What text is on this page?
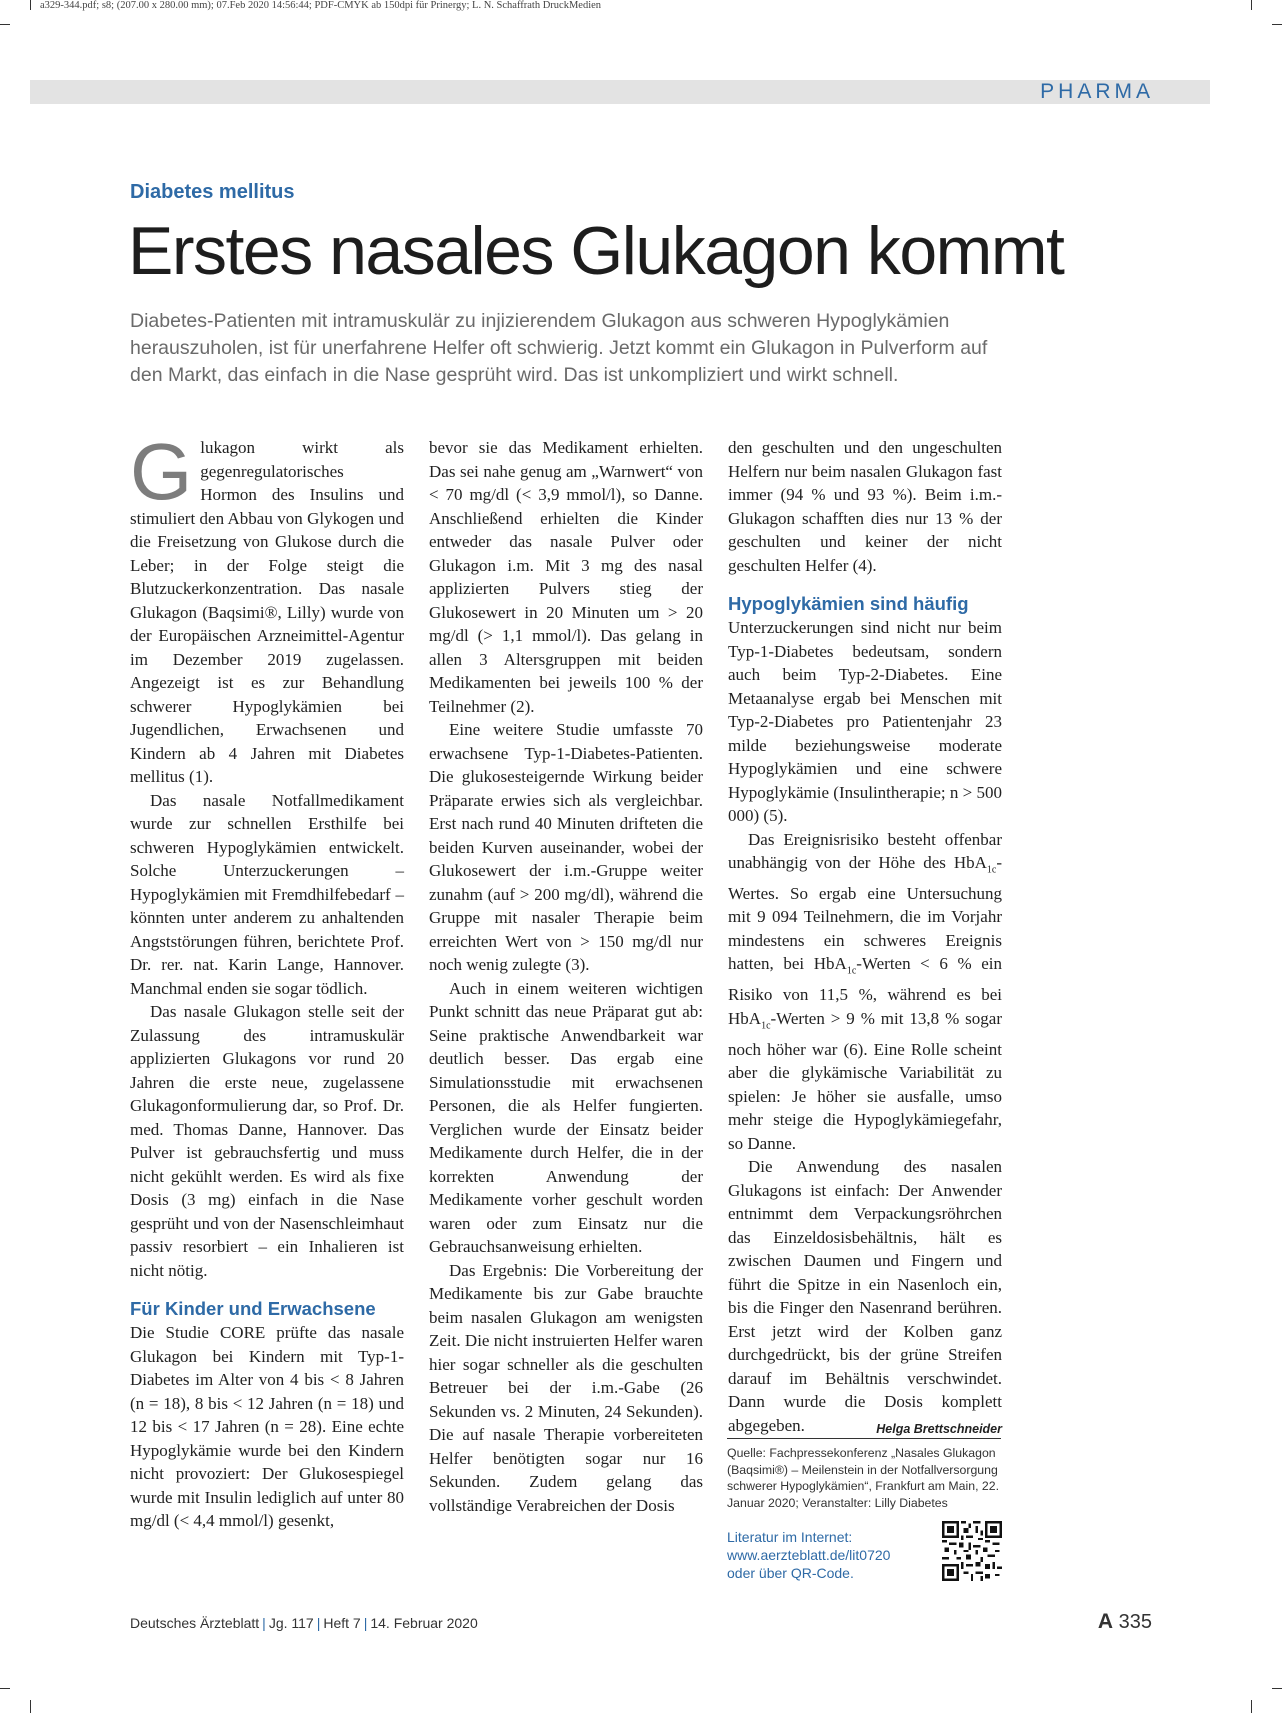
a329-344.pdf; s8; (207.00 x 280.00 mm); 07.Feb 2020 14:56:44; PDF-CMYK ab 150dpi für Prinergy; L. N. Schaffrath DruckMedien
PHARMA
Diabetes mellitus
Erstes nasales Glukagon kommt
Diabetes-Patienten mit intramuskulär zu injizierendem Glukagon aus schweren Hypoglykämien herauszuholen, ist für unerfahrene Helfer oft schwierig. Jetzt kommt ein Glukagon in Pulverform auf den Markt, das einfach in die Nase gesprüht wird. Das ist unkompliziert und wirkt schnell.

Glukagon wirkt als gegenregulatorisches Hormon des Insulins und stimuliert den Abbau von Glykogen und die Freisetzung von Glukose durch die Leber; in der Folge steigt die Blutzuckerkonzentration. Das nasale Glukagon (Baqsimi®, Lilly) wurde von der Europäischen Arzneimittel-Agentur im Dezember 2019 zugelassen. Angezeigt ist es zur Behandlung schwerer Hypoglykämien bei Jugendlichen, Erwachsenen und Kindern ab 4 Jahren mit Diabetes mellitus (1).

Das nasale Notfallmedikament wurde zur schnellen Ersthilfe bei schweren Hypoglykämien entwickelt. Solche Unterzuckerungen – Hypoglykämien mit Fremdhilfebedarf – könnten unter anderem zu anhaltenden Angststörungen führen, berichtete Prof. Dr. rer. nat. Karin Lange, Hannover. Manchmal enden sie sogar tödlich.

Das nasale Glukagon stelle seit der Zulassung des intramuskulär applizierten Glukagons vor rund 20 Jahren die erste neue, zugelassene Glukagonformulierung dar, so Prof. Dr. med. Thomas Danne, Hannover. Das Pulver ist gebrauchsfertig und muss nicht gekühlt werden. Es wird als fixe Dosis (3 mg) einfach in die Nase gesprüht und von der Nasenschleimhaut passiv resorbiert – ein Inhalieren ist nicht nötig.

Für Kinder und Erwachsene

Die Studie CORE prüfte das nasale Glukagon bei Kindern mit Typ-1-Diabetes im Alter von 4 bis < 8 Jahren (n = 18), 8 bis < 12 Jahren (n = 18) und 12 bis < 17 Jahren (n = 28). Eine echte Hypoglykämie wurde bei den Kindern nicht provoziert: Der Glukosespiegel wurde mit Insulin lediglich auf unter 80 mg/dl (< 4,4 mmol/l) gesenkt,

bevor sie das Medikament erhielten. Das sei nahe genug am „Warnwert“ von < 70 mg/dl (< 3,9 mmol/l), so Danne. Anschließend erhielten die Kinder entweder das nasale Pulver oder Glukagon i.m. Mit 3 mg des nasal applizierten Pulvers stieg der Glukosewert in 20 Minuten um > 20 mg/dl (> 1,1 mmol/l). Das gelang in allen 3 Altersgruppen mit beiden Medikamenten bei jeweils 100 % der Teilnehmer (2).

Eine weitere Studie umfasste 70 erwachsene Typ-1-Diabetes-Patienten. Die glukosesteigernde Wirkung beider Präparate erwies sich als vergleichbar. Erst nach rund 40 Minuten drifteten die beiden Kurven auseinander, wobei der Glukosewert der i.m.-Gruppe weiter zunahm (auf > 200 mg/dl), während die Gruppe mit nasaler Therapie beim erreichten Wert von > 150 mg/dl nur noch wenig zulegte (3).

Auch in einem weiteren wichtigen Punkt schnitt das neue Präparat gut ab: Seine praktische Anwendbarkeit war deutlich besser. Das ergab eine Simulationsstudie mit erwachsenen Personen, die als Helfer fungierten. Verglichen wurde der Einsatz beider Medikamente durch Helfer, die in der korrekten Anwendung der Medikamente vorher geschult worden waren oder zum Einsatz nur die Gebrauchsanweisung erhielten.

Das Ergebnis: Die Vorbereitung der Medikamente bis zur Gabe brauchte beim nasalen Glukagon am wenigsten Zeit. Die nicht instruierten Helfer waren hier sogar schneller als die geschulten Betreuer bei der i.m.-Gabe (26 Sekunden vs. 2 Minuten, 24 Sekunden). Die auf nasale Therapie vorbereiteten Helfer benötigten sogar nur 16 Sekunden. Zudem gelang das vollständige Verabreichen der Dosis

den geschulten und den ungeschulten Helfern nur beim nasalen Glukagon fast immer (94 % und 93 %). Beim i.m.-Glukagon schafften dies nur 13 % der geschulten und keiner der nicht geschulten Helfer (4).

Hypoglykämien sind häufig

Unterzuckerungen sind nicht nur beim Typ-1-Diabetes bedeutsam, sondern auch beim Typ-2-Diabetes. Eine Metaanalyse ergab bei Menschen mit Typ-2-Diabetes pro Patientenjahr 23 milde beziehungsweise moderate Hypoglykämien und eine schwere Hypoglykämie (Insulintherapie; n > 500 000) (5).

Das Ereignisrisiko besteht offenbar unabhängig von der Höhe des HbA$_{1c}$-Wertes. So ergab eine Untersuchung mit 9 094 Teilnehmern, die im Vorjahr mindestens ein schweres Ereignis hatten, bei HbA$_{1c}$-Werten < 6 % ein Risiko von 11,5 %, während es bei HbA$_{1c}$-Werten > 9 % mit 13,8 % sogar noch höher war (6). Eine Rolle scheint aber die glykämische Variabilität zu spielen: Je höher sie ausfalle, umso mehr steige die Hypoglykämiegefahr, so Danne.

Die Anwendung des nasalen Glukagons ist einfach: Der Anwender entnimmt dem Verpackungsröhrchen das Einzeldosisbehältnis, hält es zwischen Daumen und Fingern und führt die Spitze in ein Nasenloch ein, bis die Finger den Nasenrand berühren. Erst jetzt wird der Kolben ganz durchgedrückt, bis der grüne Streifen darauf im Behältnis verschwindet. Dann wurde die Dosis komplett abgegeben.	Helga Brettschneider

Quelle: Fachpressekonferenz „Nasales Glukagon (Baqsimi®) – Meilenstein in der Notfallversorgung schwerer Hypoglykämien“, Frankfurt am Main, 22. Januar 2020; Veranstalter: Lilly Diabetes
Literatur im Internet:
www.aerzteblatt.de/lit0720
oder über QR-Code.
Deutsches Ärzteblatt | Jg. 117 | Heft 7 | 14. Februar 2020	A 335
